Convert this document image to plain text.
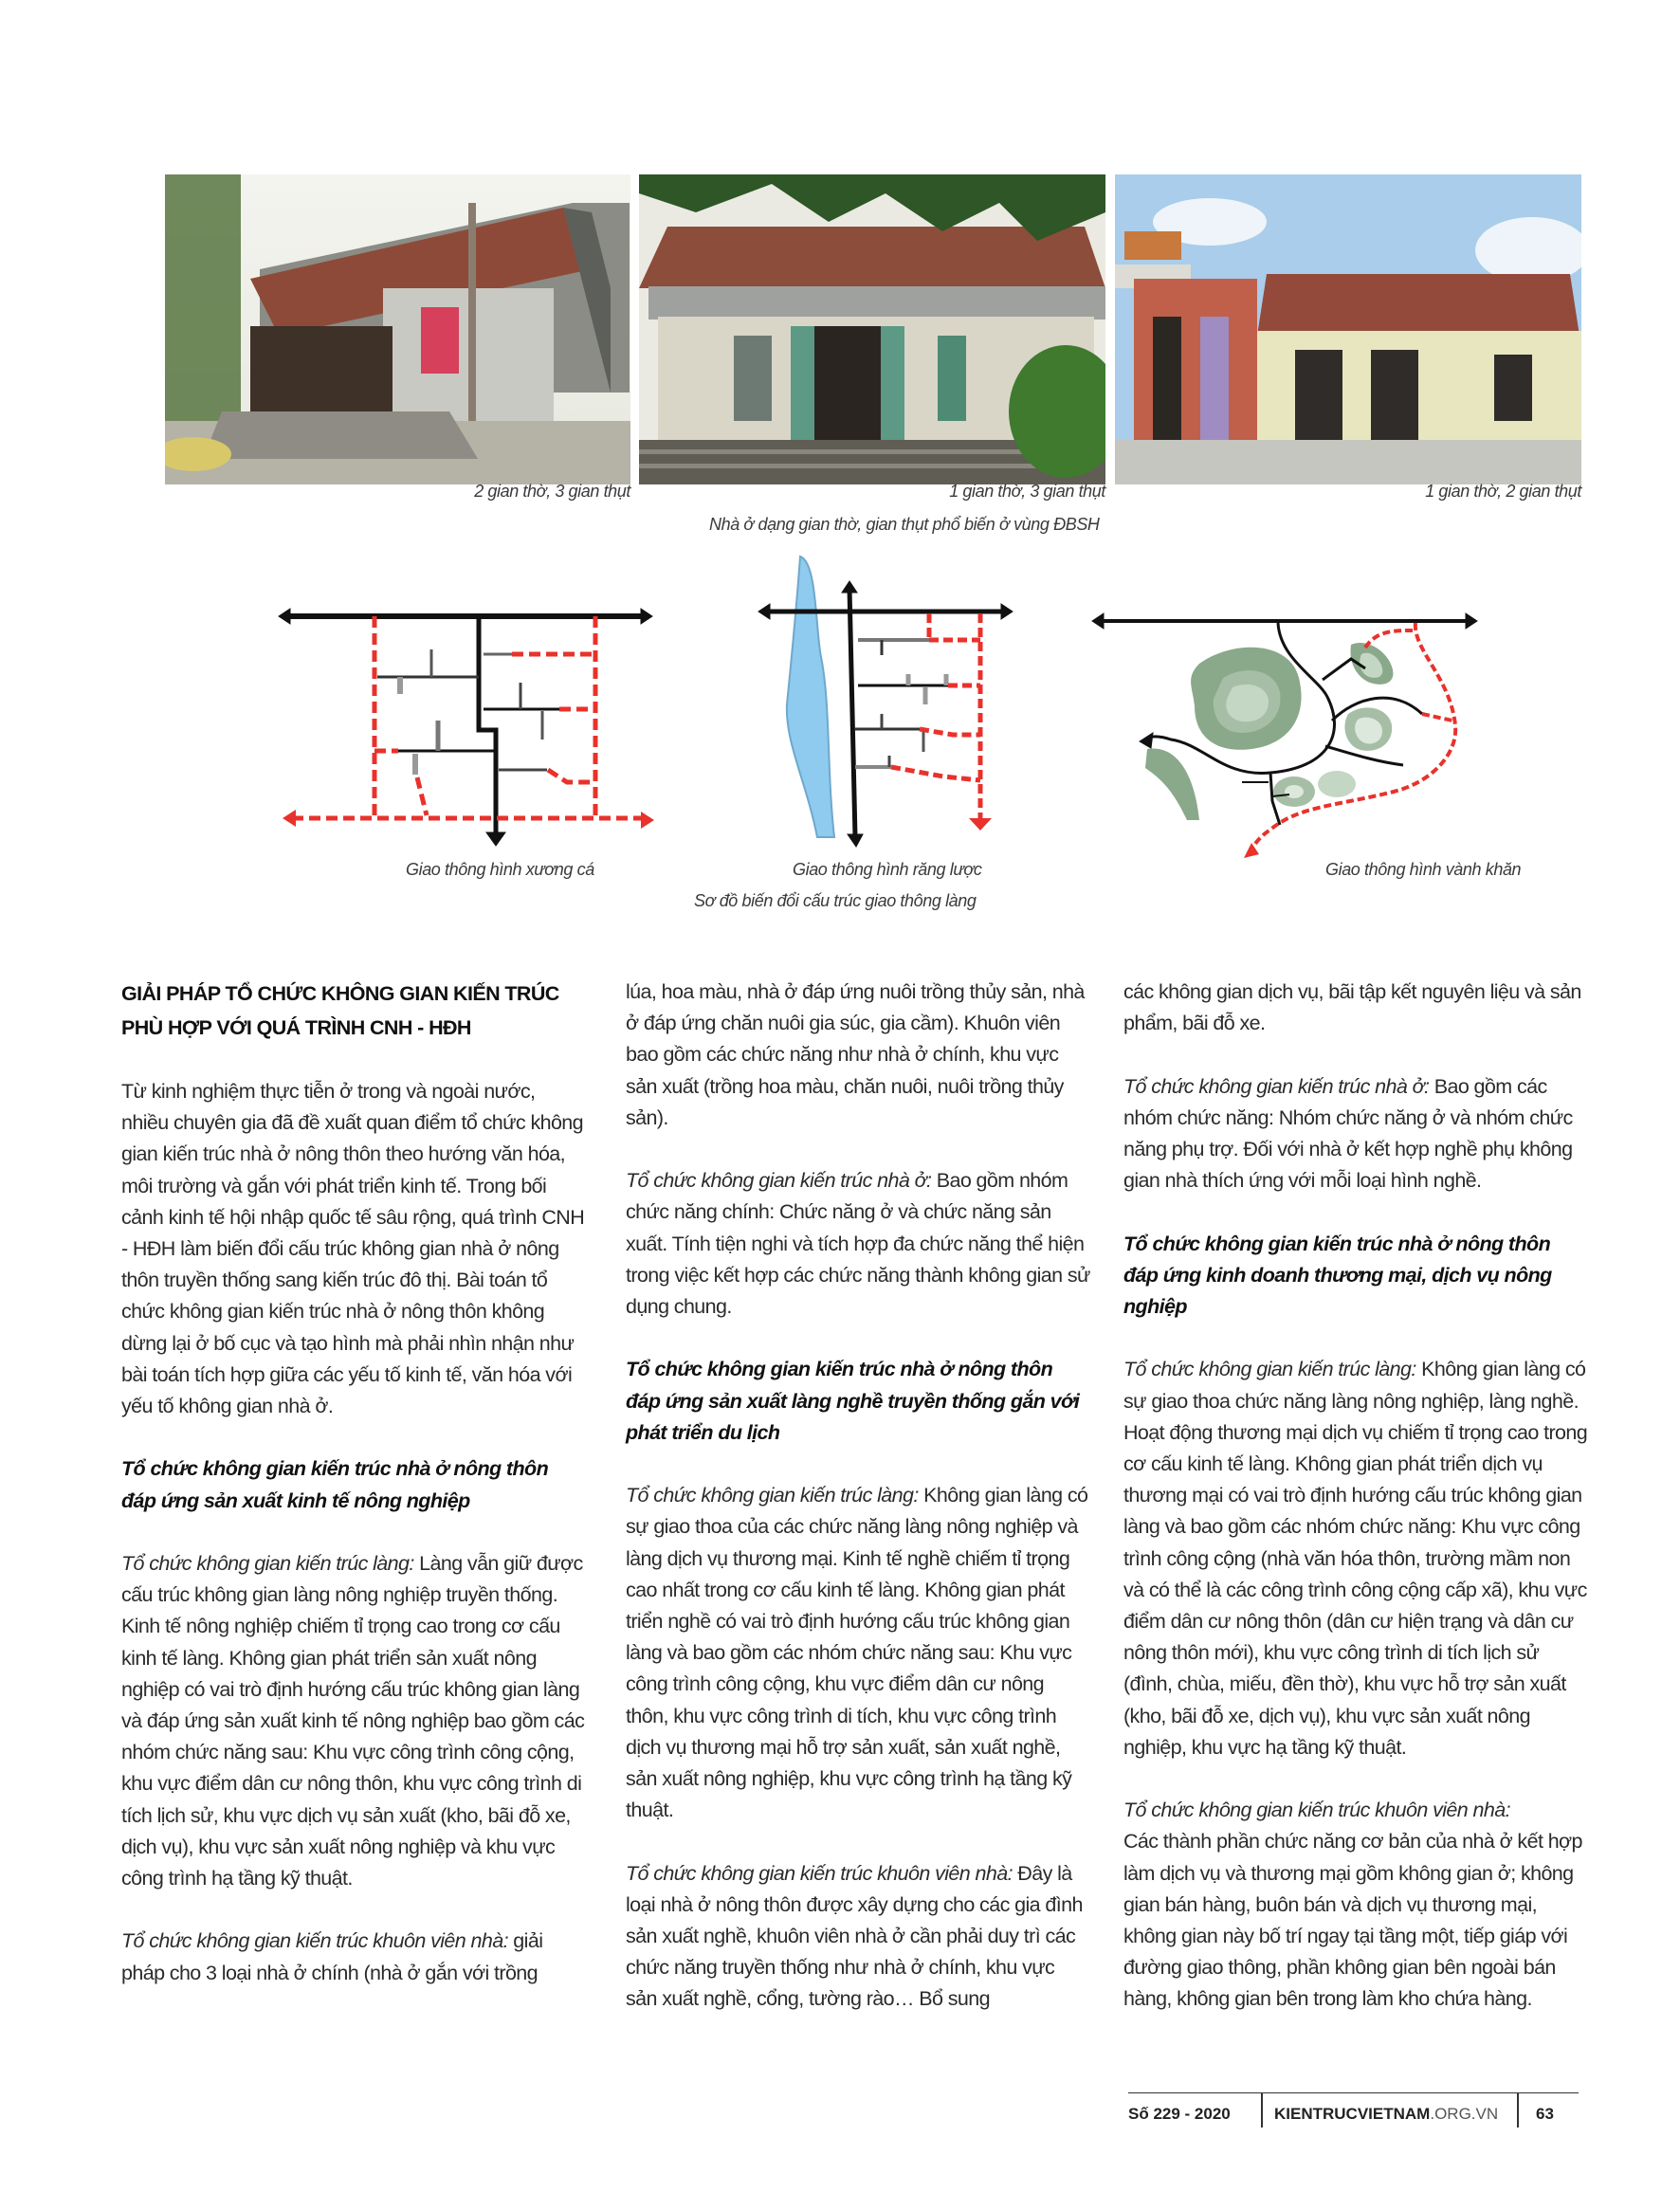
2 gian thờ, 3 gian thụt	1 gian thờ, 3 gian thụt	1 gian thờ, 2 gian thụt
Nhà ở dạng gian thờ, gian thụt phổ biến ở vùng ĐBSH
Giao thông hình xương cá	Giao thông hình răng lược	Giao thông hình vành khăn
Sơ đồ biến đổi cấu trúc giao thông làng
GIẢI PHÁP TỔ CHỨC KHÔNG GIAN KIẾN TRÚC PHÙ HỢP VỚI QUÁ TRÌNH CNH - HĐH

Từ kinh nghiệm thực tiễn ở trong và ngoài nước, nhiều chuyên gia đã đề xuất quan điểm tổ chức không gian kiến trúc nhà ở nông thôn theo hướng văn hóa, môi trường và gắn với phát triển kinh tế. Trong bối cảnh kinh tế hội nhập quốc tế sâu rộng, quá trình CNH - HĐH làm biến đổi cấu trúc không gian nhà ở nông thôn truyền thống sang kiến trúc đô thị. Bài toán tổ chức không gian kiến trúc nhà ở nông thôn không dừng lại ở bố cục và tạo hình mà phải nhìn nhận như bài toán tích hợp giữa các yếu tố kinh tế, văn hóa với yếu tố không gian nhà ở.

Tổ chức không gian kiến trúc nhà ở nông thôn đáp ứng sản xuất kinh tế nông nghiệp

Tổ chức không gian kiến trúc làng: Làng vẫn giữ được cấu trúc không gian làng nông nghiệp truyền thống. Kinh tế nông nghiệp chiếm tỉ trọng cao trong cơ cấu kinh tế làng. Không gian phát triển sản xuất nông nghiệp có vai trò định hướng cấu trúc không gian làng và đáp ứng sản xuất kinh tế nông nghiệp bao gồm các nhóm chức năng sau: Khu vực công trình công cộng, khu vực điểm dân cư nông thôn, khu vực công trình di tích lịch sử, khu vực dịch vụ sản xuất (kho, bãi đỗ xe, dịch vụ), khu vực sản xuất nông nghiệp và khu vực công trình hạ tầng kỹ thuật.

Tổ chức không gian kiến trúc khuôn viên nhà: giải pháp cho 3 loại nhà ở chính (nhà ở gắn với trồng

lúa, hoa màu, nhà ở đáp ứng nuôi trồng thủy sản, nhà ở đáp ứng chăn nuôi gia súc, gia cầm). Khuôn viên bao gồm các chức năng như nhà ở chính, khu vực sản xuất (trồng hoa màu, chăn nuôi, nuôi trồng thủy sản).

Tổ chức không gian kiến trúc nhà ở: Bao gồm nhóm chức năng chính: Chức năng ở và chức năng sản xuất. Tính tiện nghi và tích hợp đa chức năng thể hiện trong việc kết hợp các chức năng thành không gian sử dụng chung.

Tổ chức không gian kiến trúc nhà ở nông thôn đáp ứng sản xuất làng nghề truyền thống gắn với phát triển du lịch

Tổ chức không gian kiến trúc làng: Không gian làng có sự giao thoa của các chức năng làng nông nghiệp và làng dịch vụ thương mại. Kinh tế nghề chiếm tỉ trọng cao nhất trong cơ cấu kinh tế làng. Không gian phát triển nghề có vai trò định hướng cấu trúc không gian làng và bao gồm các nhóm chức năng sau: Khu vực công trình công cộng, khu vực điểm dân cư nông thôn, khu vực công trình di tích, khu vực công trình dịch vụ thương mại hỗ trợ sản xuất, sản xuất nghề, sản xuất nông nghiệp, khu vực công trình hạ tầng kỹ thuật.

Tổ chức không gian kiến trúc khuôn viên nhà: Đây là loại nhà ở nông thôn được xây dựng cho các gia đình sản xuất nghề, khuôn viên nhà ở cần phải duy trì các chức năng truyền thống như nhà ở chính, khu vực sản xuất nghề, cổng, tường rào… Bổ sung

các không gian dịch vụ, bãi tập kết nguyên liệu và sản phẩm, bãi đỗ xe.

Tổ chức không gian kiến trúc nhà ở: Bao gồm các nhóm chức năng: Nhóm chức năng ở và nhóm chức năng phụ trợ. Đối với nhà ở kết hợp nghề phụ không gian nhà thích ứng với mỗi loại hình nghề.

Tổ chức không gian kiến trúc nhà ở nông thôn đáp ứng kinh doanh thương mại, dịch vụ nông nghiệp

Tổ chức không gian kiến trúc làng: Không gian làng có sự giao thoa chức năng làng nông nghiệp, làng nghề. Hoạt động thương mại dịch vụ chiếm tỉ trọng cao trong cơ cấu kinh tế làng. Không gian phát triển dịch vụ thương mại có vai trò định hướng cấu trúc không gian làng và bao gồm các nhóm chức năng: Khu vực công trình công cộng (nhà văn hóa thôn, trường mầm non và có thể là các công trình công cộng cấp xã), khu vực điểm dân cư nông thôn (dân cư hiện trạng và dân cư nông thôn mới), khu vực công trình di tích lịch sử (đình, chùa, miếu, đền thờ), khu vực hỗ trợ sản xuất (kho, bãi đỗ xe, dịch vụ), khu vực sản xuất nông nghiệp, khu vực hạ tầng kỹ thuật.

Tổ chức không gian kiến trúc khuôn viên nhà:
Các thành phần chức năng cơ bản của nhà ở kết hợp làm dịch vụ và thương mại gồm không gian ở; không gian bán hàng, buôn bán và dịch vụ thương mại, không gian này bố trí ngay tại tầng một, tiếp giáp với đường giao thông, phần không gian bên ngoài bán hàng, không gian bên trong làm kho chứa hàng.

Số 229 - 2020	KIENTRUCVIETNAM.ORG.VN 63
